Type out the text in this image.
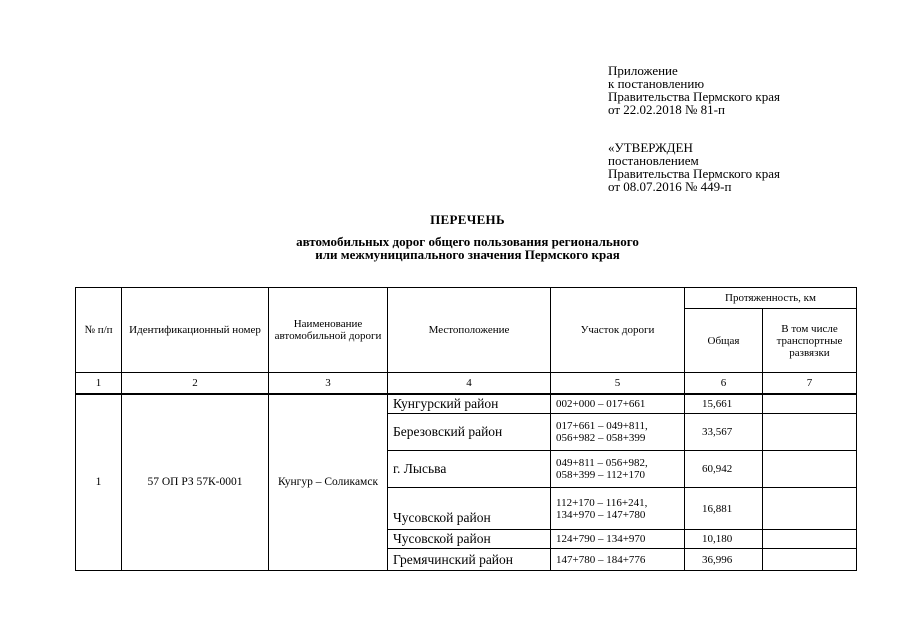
Приложение
к постановлению
Правительства Пермского края
от 22.02.2018 № 81-п
«УТВЕРЖДЕН
постановлением
Правительства Пермского края
от 08.07.2016 № 449-п
ПЕРЕЧЕНЬ
автомобильных дорог общего пользования регионального
или межмуниципального значения Пермского края
№ п/п	Идентификационный номер	Наименование автомобильной дороги	Местоположение	Участок дороги	Протяженность, км	
					Общая	В том числе транспортные развязки
1	2	3	4	5	6	7
1	57 ОП РЗ 57К-0001	Кунгур – Соликамск	Кунгурский район	002+000 – 017+661	15,661	
			Березовский район	017+661 – 049+811,
056+982 – 058+399	33,567	
			г. Лысьва	049+811 – 056+982,
058+399 – 112+170	60,942	
			Чусовской район	112+170 – 116+241,
134+970 – 147+780	16,881	
			Чусовской район	124+790 – 134+970	10,180	
			Гремячинский район	147+780 – 184+776	36,996	
